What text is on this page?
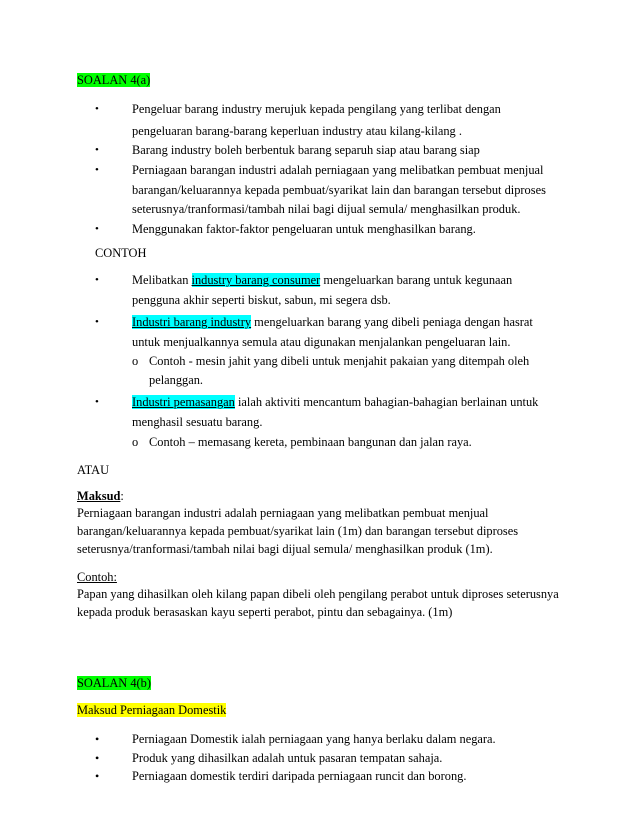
SOALAN 4(a)
•	Pengeluar barang industry merujuk kepada pengilang yang terlibat dengan
pengeluaran barang-barang keperluan industry atau kilang-kilang .
•	Barang industry boleh berbentuk barang separuh siap atau barang siap
•	Perniagaan barangan industri adalah perniagaan yang melibatkan pembuat menjual
barangan/keluarannya kepada pembuat/syarikat lain dan barangan tersebut diproses
seterusnya/tranformasi/tambah nilai bagi dijual semula/ menghasilkan produk.
•	Menggunakan faktor-faktor pengeluaran untuk menghasilkan barang.
CONTOH
•	Melibatkan industry barang consumer mengeluarkan barang untuk kegunaan
pengguna akhir seperti biskut, sabun, mi segera dsb.
•	Industri barang industry mengeluarkan barang yang dibeli peniaga dengan hasrat
untuk menjualkannya semula atau digunakan menjalankan pengeluaran lain.
o Contoh - mesin jahit yang dibeli untuk menjahit pakaian yang ditempah oleh
pelanggan.
•	Industri pemasangan ialah aktiviti mencantum bahagian-bahagian berlainan untuk
menghasil sesuatu barang.
o Contoh – memasang kereta, pembinaan bangunan dan jalan raya.
ATAU
Maksud:
Perniagaan barangan industri adalah perniagaan yang melibatkan pembuat menjual
barangan/keluarannya kepada pembuat/syarikat lain (1m) dan barangan tersebut diproses
seterusnya/tranformasi/tambah nilai bagi dijual semula/ menghasilkan produk (1m).
Contoh:
Papan yang dihasilkan oleh kilang papan dibeli oleh pengilang perabot untuk diproses seterusnya
kepada produk berasaskan kayu seperti perabot, pintu dan sebagainya. (1m)
SOALAN 4(b)
Maksud Perniagaan Domestik
•	Perniagaan Domestik ialah perniagaan yang hanya berlaku dalam negara.
•	Produk yang dihasilkan adalah untuk pasaran tempatan sahaja.
•	Perniagaan domestik terdiri daripada perniagaan runcit dan borong.
